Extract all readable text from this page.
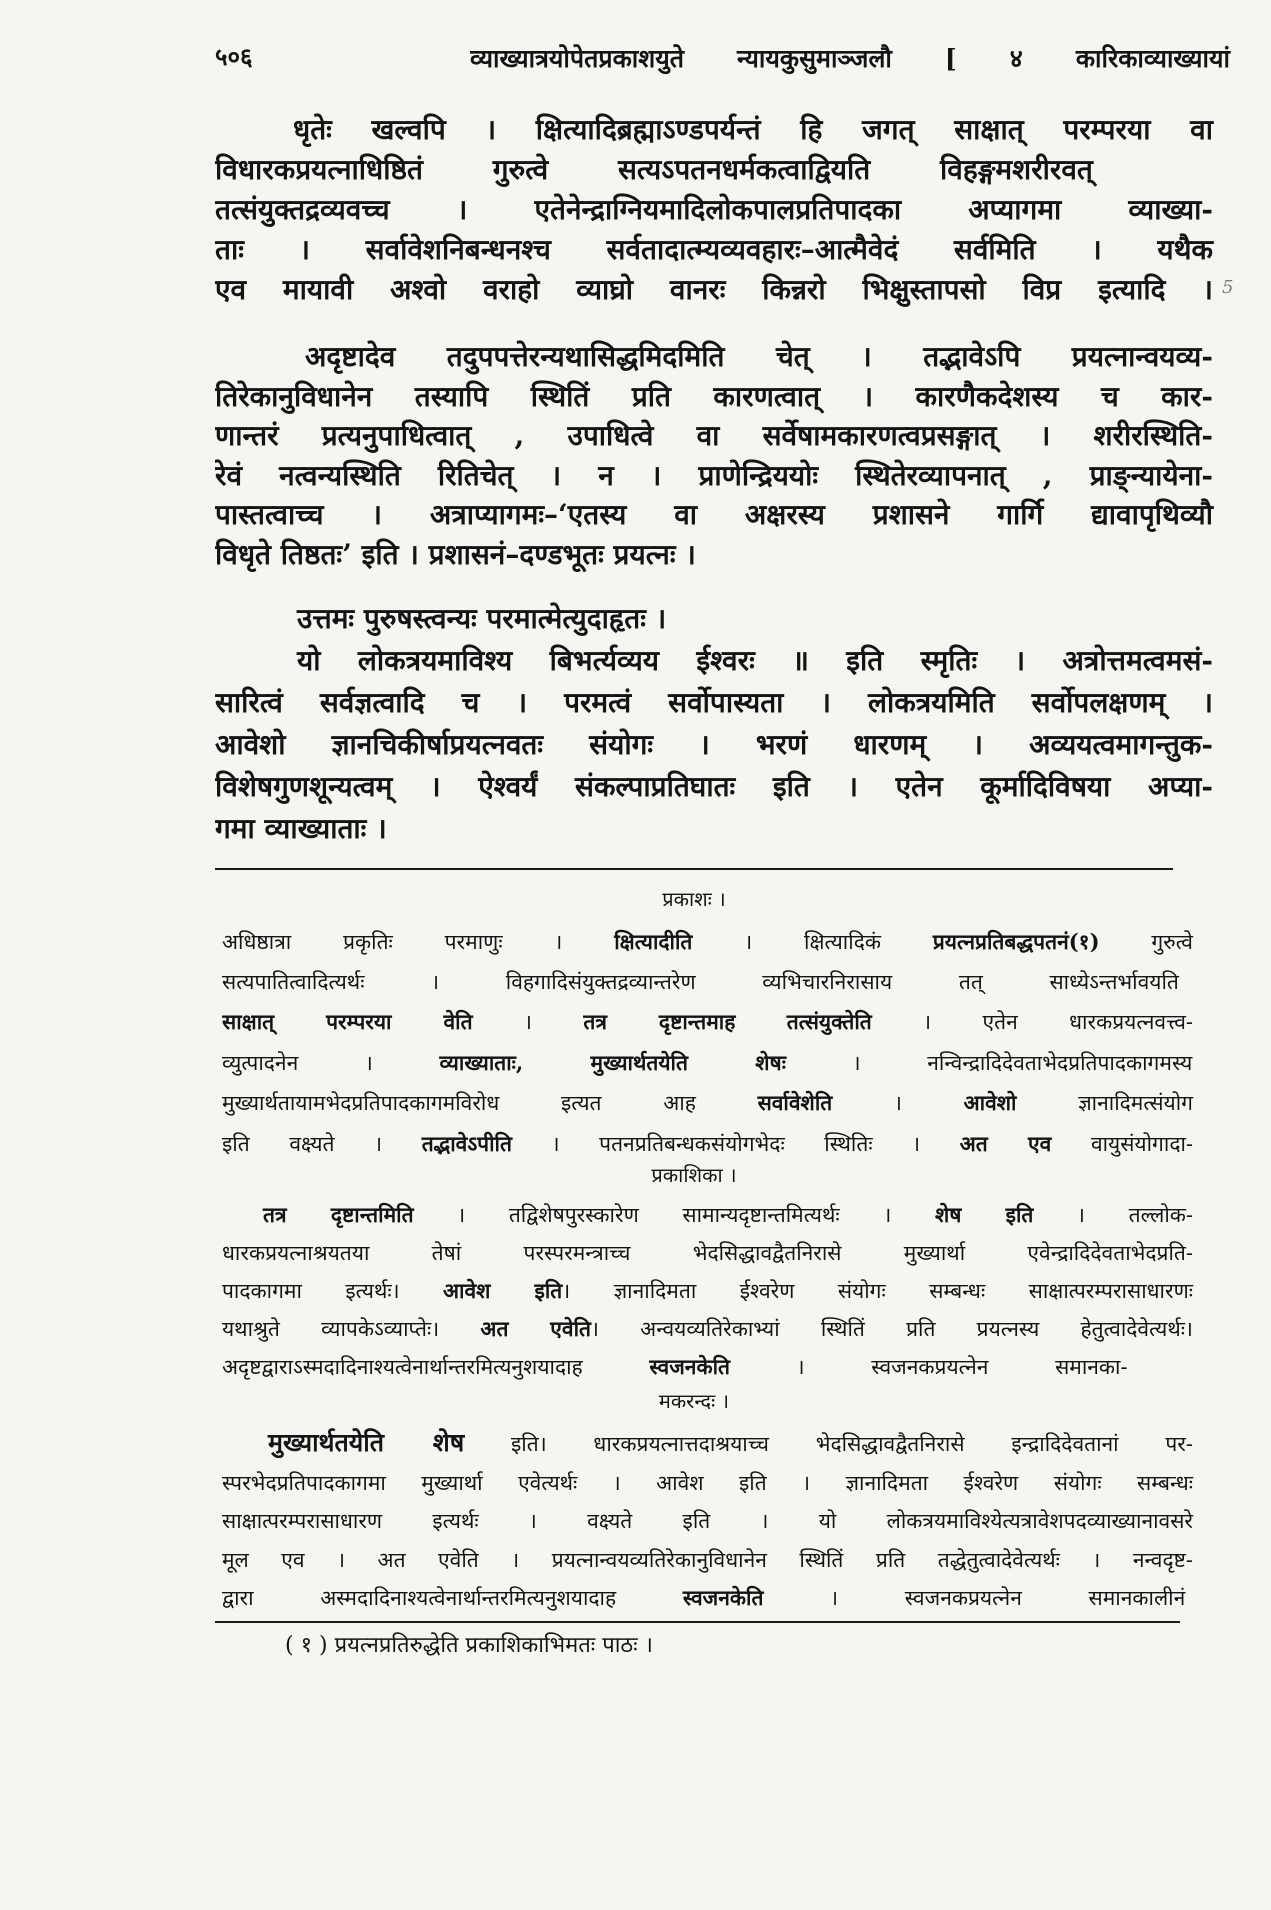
५०६	व्याख्यात्रयोपेतप्रकाशयुते न्यायकुसुमाञ्जलौ [ ४ कारिकाव्याख्यायां
धृतेः खल्वपि । क्षित्यादिब्रह्माऽण्डपर्यन्तं हि जगत् साक्षात् परम्परया वा
विधारकप्रयत्नाधिष्ठितं गुरुत्वे सत्यऽपतनधर्मकत्वाद्वियति विहङ्गमशरीरवत्
तत्संयुक्तद्रव्यवच्च । एतेनेन्द्राग्नियमादिलोकपालप्रतिपादका अप्यागमा व्याख्या-
ताः । सर्वावेशनिबन्धनश्च सर्वतादात्म्यव्यवहारः–आत्मैवेदं सर्वमिति । यथैक
एव मायावी अश्वो वराहो व्याघ्रो वानरः किन्नरो भिक्षुस्तापसो विप्र इत्यादि । 5
अदृष्टादेव तदुपपत्तेरन्यथासिद्धमिदमिति चेत् । तद्भावेऽपि प्रयत्नान्वयव्य-
तिरेकानुविधानेन तस्यापि स्थितिं प्रति कारणत्वात् । कारणैकदेशस्य च कार-
णान्तरं प्रत्यनुपाधित्वात् , उपाधित्वे वा सर्वेषामकारणत्वप्रसङ्गात् । शरीरस्थिति-
रेवं नत्वन्यस्थिति रितिचेत् । न । प्राणेन्द्रिययोः स्थितेरव्यापनात् , प्राङ्न्यायेना-
पास्तत्वाच्च । अत्राप्यागमः–‘एतस्य वा अक्षरस्य प्रशासने गार्गि द्यावापृथिव्यौ
विधृते तिष्ठतः’ इति । प्रशासनं–दण्डभूतः प्रयत्नः ।
उत्तमः पुरुषस्त्वन्यः परमात्मेत्युदाहृतः ।
यो लोकत्रयमाविश्य बिभर्त्यव्यय ईश्वरः ॥ इति स्मृतिः । अत्रोत्तमत्वमसं-
सारित्वं सर्वज्ञत्वादि च । परमत्वं सर्वोपास्यता । लोकत्रयमिति सर्वोपलक्षणम् ।
आवेशो ज्ञानचिकीर्षाप्रयत्नवतः संयोगः । भरणं धारणम् । अव्ययत्वमागन्तुक-
विशेषगुणशून्यत्वम् । ऐश्वर्यं संकल्पाप्रतिघातः इति । एतेन कूर्मादिविषया अप्या-
गमा व्याख्याताः ।
प्रकाशः ।
अधिष्ठात्रा प्रकृतिः परमाणुः । क्षित्यादीति । क्षित्यादिकं प्रयत्नप्रतिबद्धपतनं(१) गुरुत्वे
सत्यपातित्वादित्यर्थः । विहगादिसंयुक्तद्रव्यान्तरेण व्यभिचारनिरासाय तत् साध्येऽन्तर्भावयति
साक्षात् परम्परया वेति । तत्र दृष्टान्तमाह तत्संयुक्तेति । एतेन धारकप्रयत्नवत्त्व-
व्युत्पादनेन । व्याख्याताः, मुख्यार्थतयेति शेषः । नन्विन्द्रादिदेवताभेदप्रतिपादकागमस्य
मुख्यार्थतायामभेदप्रतिपादकागमविरोध इत्यत आह सर्वावेशेति । आवेशो ज्ञानादिमत्संयोग
इति वक्ष्यते । तद्भावेऽपीति । पतनप्रतिबन्धकसंयोगभेदः स्थितिः । अत एव वायुसंयोगादा-
प्रकाशिका ।
तत्र दृष्टान्तमिति । तद्विशेषपुरस्कारेण सामान्यदृष्टान्तमित्यर्थः । शेष इति । तल्लोक-
धारकप्रयत्नाश्रयतया तेषां परस्परमन्त्राच्च भेदसिद्धावद्वैतनिरासे मुख्यार्था एवेन्द्रादिदेवताभेदप्रति-
पादकागमा इत्यर्थः। आवेश इति। ज्ञानादिमता ईश्वरेण संयोगः सम्बन्धः साक्षात्परम्परासाधारणः
यथाश्रुते व्यापकेऽव्याप्तेः। अत एवेति। अन्वयव्यतिरेकाभ्यां स्थितिं प्रति प्रयत्नस्य हेतुत्वादेवेत्यर्थः।
अदृष्टद्वाराऽस्मदादिनाश्यत्वेनार्थान्तरमित्यनुशयादाह स्वजनकेति । स्वजनकप्रयत्नेन समानका-
मकरन्दः ।
मुख्यार्थतयेति शेष इति। धारकप्रयत्नात्तदाश्रयाच्च भेदसिद्धावद्वैतनिरासे इन्द्रादिदेवतानां पर-
स्परभेदप्रतिपादकागमा मुख्यार्था एवेत्यर्थः । आवेश इति । ज्ञानादिमता ईश्वरेण संयोगः सम्बन्धः
साक्षात्परम्परासाधारण इत्यर्थः । वक्ष्यते इति । यो लोकत्रयमाविश्येत्यत्रावेशपदव्याख्यानावसरे
मूल एव । अत एवेति । प्रयत्नान्वयव्यतिरेकानुविधानेन स्थितिं प्रति तद्धेतुत्वादेवेत्यर्थः । नन्वदृष्ट-
द्वारा अस्मदादिनाश्यत्वेनार्थान्तरमित्यनुशयादाह स्वजनकेति । स्वजनकप्रयत्नेन समानकालीनं
( १ ) प्रयत्नप्रतिरुद्धेति प्रकाशिकाभिमतः पाठः ।
